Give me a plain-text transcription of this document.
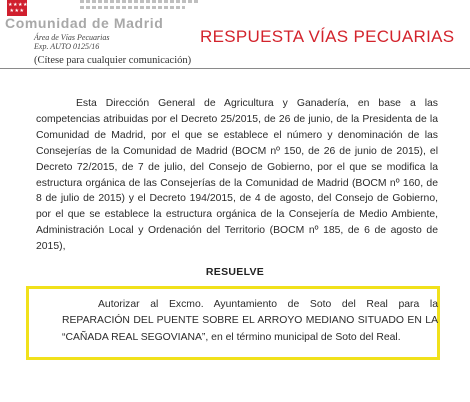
★★★★
★★★
Comunidad de Madrid
Área de Vías Pecuarias
Exp. AUTO 0125/16
(Cítese para cualquier comunicación)
RESPUESTA VÍAS PECUARIAS
Esta Dirección General de Agricultura y Ganadería, en base a las competencias atribuidas por el Decreto 25/2015, de 26 de junio, de la Presidenta de la Comunidad de Madrid, por el que se establece el número y denominación de las Consejerías de la Comunidad de Madrid (BOCM nº 150, de 26 de junio de 2015), el Decreto 72/2015, de 7 de julio, del Consejo de Gobierno, por el que se modifica la estructura orgánica de las Consejerías de la Comunidad de Madrid (BOCM nº 160, de 8 de julio de 2015) y el Decreto 194/2015, de 4 de agosto, del Consejo de Gobierno, por el que se establece la estructura orgánica de la Consejería de Medio Ambiente, Administración Local y Ordenación del Territorio (BOCM nº 185, de 6 de agosto de 2015),
RESUELVE
Autorizar al Excmo. Ayuntamiento de Soto del Real para la REPARACIÓN DEL PUENTE SOBRE EL ARROYO MEDIANO SITUADO EN LA “CAÑADA REAL SEGOVIANA”, en el término municipal de Soto del Real.
